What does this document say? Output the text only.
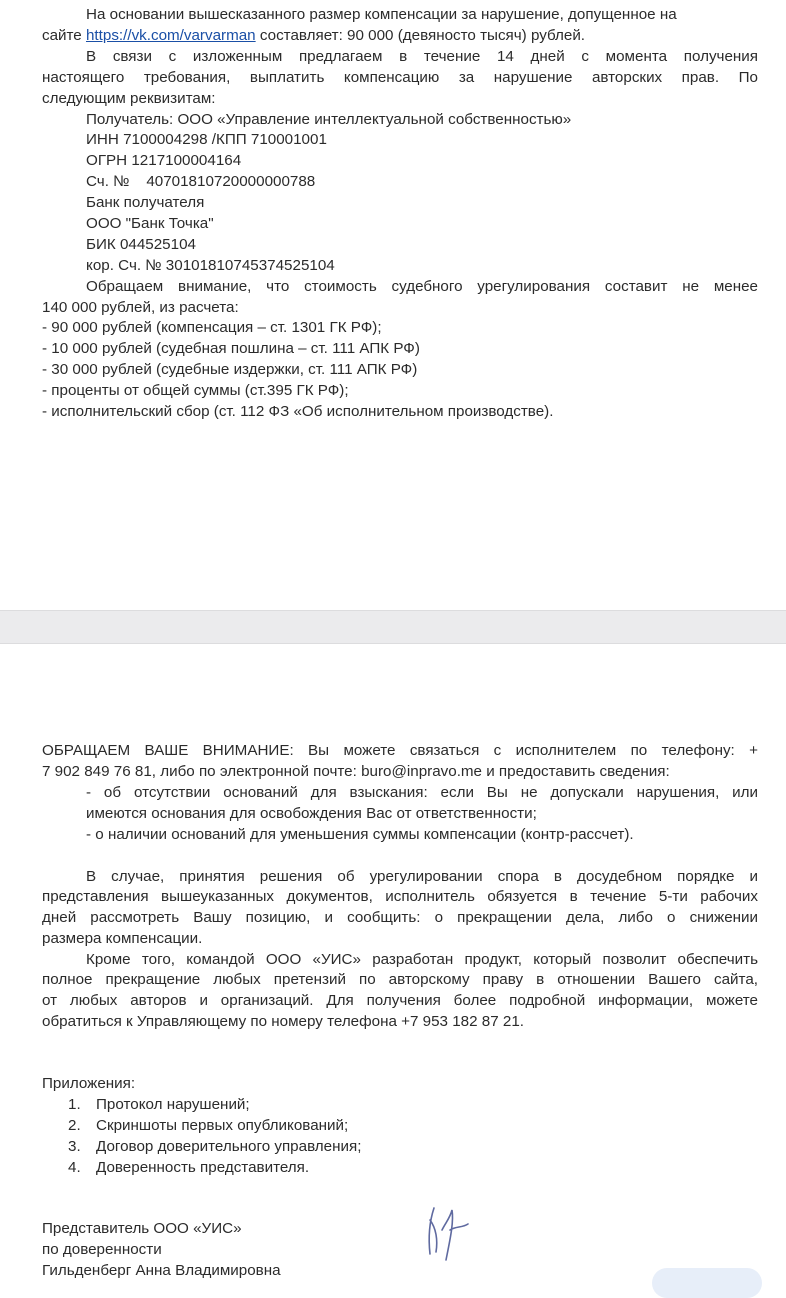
На основании вышесказанного размер компенсации за нарушение, допущенное на
сайте https://vk.com/varvarman составляет: 90 000 (девяносто тысяч) рублей.
В связи с изложенным предлагаем в течение 14 дней с момента получения
настоящего требования, выплатить компенсацию за нарушение авторских прав. По
следующим реквизитам:
Получатель: ООО «Управление интеллектуальной собственностью»
ИНН 7100004298 /КПП 710001001
ОГРН 1217100004164
Сч. №    40701810720000000788
Банк получателя
ООО "Банк Точка"
БИК 044525104
кор. Сч. № 30101810745374525104
Обращаем внимание, что стоимость судебного урегулирования составит не менее
140 000 рублей, из расчета:
- 90 000 рублей (компенсация – ст. 1301 ГК РФ);
- 10 000 рублей (судебная пошлина – ст. 111 АПК РФ)
- 30 000 рублей (судебные издержки, ст. 111 АПК РФ)
- проценты от общей суммы (ст.395 ГК РФ);
- исполнительский сбор (ст. 112 ФЗ «Об исполнительном производстве).
ОБРАЩАЕМ ВАШЕ ВНИМАНИЕ: Вы можете связаться с исполнителем по телефону: +
7 902 849 76 81, либо по электронной почте: buro@inpravo.me и предоставить сведения:
- об отсутствии оснований для взыскания: если Вы не допускали нарушения, или
имеются основания для освобождения Вас от ответственности;
- о наличии оснований для уменьшения суммы компенсации (контр-рассчет).
В случае, принятия решения об урегулировании спора в досудебном порядке и
представления вышеуказанных документов, исполнитель обязуется в течение 5-ти рабочих
дней рассмотреть Вашу позицию, и сообщить: о прекращении дела, либо о снижении
размера компенсации.
Кроме того, командой ООО «УИС» разработан продукт, который позволит обеспечить
полное прекращение любых претензий по авторскому праву в отношении Вашего сайта,
от любых авторов и организаций. Для получения более подробной информации, можете
обратиться к Управляющему по номеру телефона +7 953 182 87 21.
Приложения:
1. Протокол нарушений;
2. Скриншоты первых опубликований;
3. Договор доверительного управления;
4. Доверенность представителя.
Представитель ООО «УИС»
по доверенности
Гильденберг Анна Владимировна
